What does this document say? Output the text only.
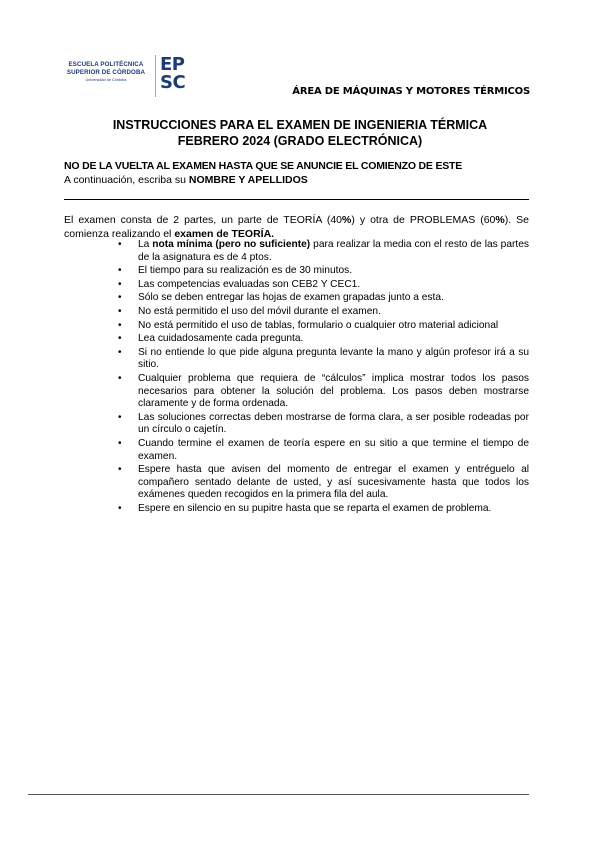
ESCUELA POLITÉCNICA
SUPERIOR DE CÓRDOBA
Universidad de Córdoba
EP
SC	ÁREA DE MÁQUINAS Y MOTORES TÉRMICOS
INSTRUCCIONES PARA EL EXAMEN DE INGENIERIA TÉRMICA
FEBRERO 2024 (GRADO ELECTRÓNICA)
NO DE LA VUELTA AL EXAMEN HASTA QUE SE ANUNCIE EL COMIENZO DE ESTE
A continuación, escriba su NOMBRE Y APELLIDOS
El examen consta de 2 partes, un parte de TEORÍA (40%) y otra de PROBLEMAS (60%). Se comienza realizando el examen de TEORÍA.
• La nota mínima (pero no suficiente) para realizar la media con el resto de las partes de la asignatura es de 4 ptos.
• El tiempo para su realización es de 30 minutos.
• Las competencias evaluadas son CEB2 Y CEC1.
• Sólo se deben entregar las hojas de examen grapadas junto a esta.
• No está permitido el uso del móvil durante el examen.
• No está permitido el uso de tablas, formulario o cualquier otro material adicional
• Lea cuidadosamente cada pregunta.
• Si no entiende lo que pide alguna pregunta levante la mano y algún profesor irá a su sitio.
• Cualquier problema que requiera de “cálculos” implica mostrar todos los pasos necesarios para obtener la solución del problema. Los pasos deben mostrarse claramente y de forma ordenada.
• Las soluciones correctas deben mostrarse de forma clara, a ser posible rodeadas por un círculo o cajetín.
• Cuando termine el examen de teoría espere en su sitio a que termine el tiempo de examen.
• Espere hasta que avisen del momento de entregar el examen y entréguelo al compañero sentado delante de usted, y así sucesivamente hasta que todos los exámenes queden recogidos en la primera fila del aula.
• Espere en silencio en su pupitre hasta que se reparta el examen de problema.
